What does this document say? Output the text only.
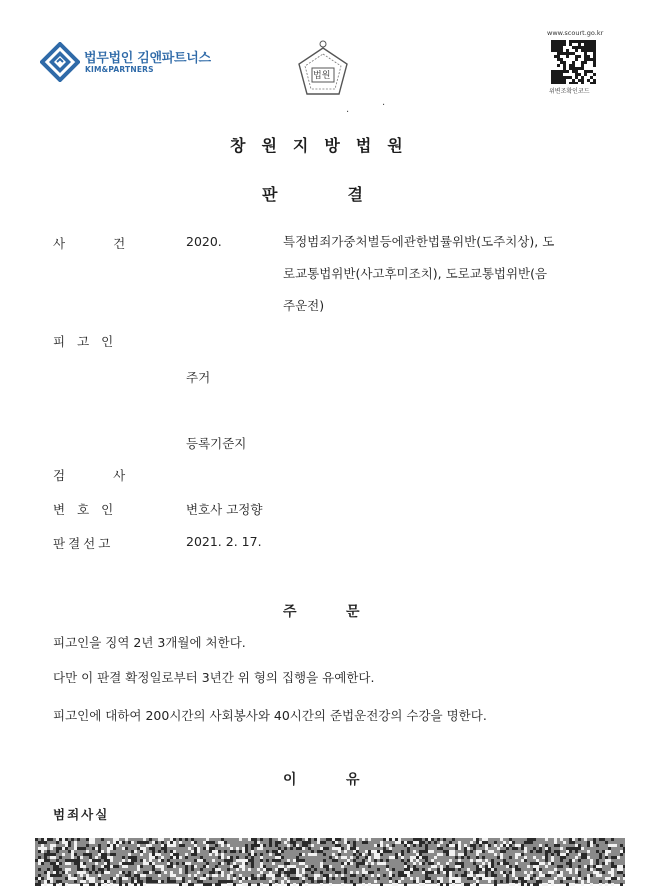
법무법인 김앤파트너스
KIM&PARTNERS
법원
www.scourt.go.kr
위변조확인코드
.	·
창원지방법원
판	결
사건 2020.	특정범죄가중처벌등에관한법률위반(도주치상), 도
로교통법위반(사고후미조치), 도로교통법위반(음
주운전)
피고인
주거
등록기준지
검사
변호인	변호사 고정향
판결선고	2021. 2. 17.
주	문
피고인을 징역 2년 3개월에 처한다.
다만 이 판결 확정일로부터 3년간 위 형의 집행을 유예한다.
피고인에 대하여 200시간의 사회봉사와 40시간의 준법운전강의 수강을 명한다.
이	유
범죄사실
